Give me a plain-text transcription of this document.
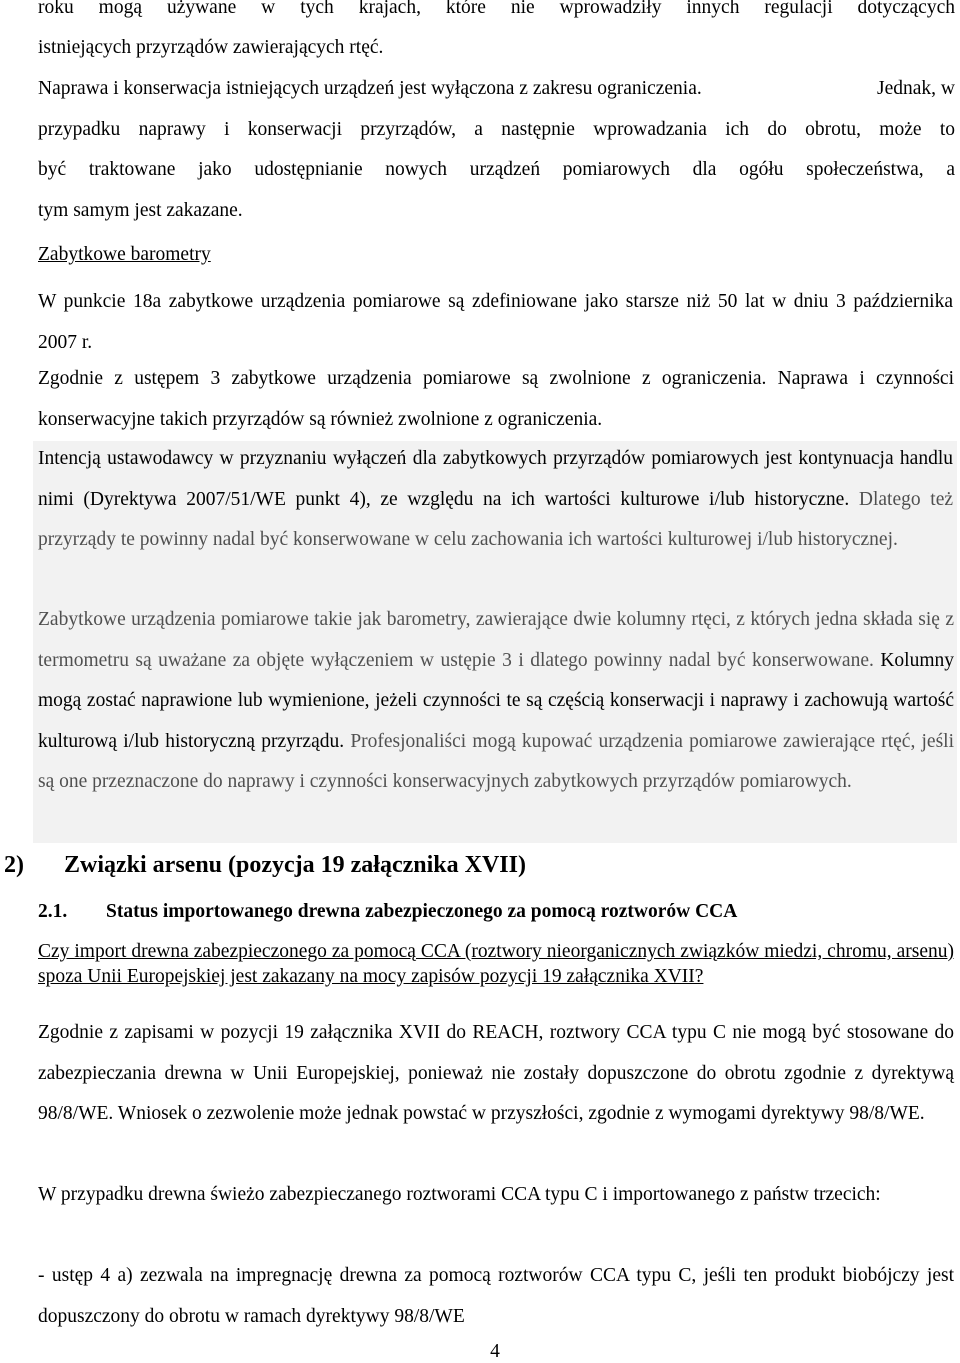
roku mogą używane w tych krajach, które nie wprowadziły innych regulacji dotyczących
istniejących przyrządów zawierających rtęć.
Naprawa i konserwacja istniejących urządzeń jest wyłączona z zakresu ograniczenia.	Jednak, w
przypadku naprawy i konserwacji przyrządów, a następnie wprowadzania ich do obrotu, może to
być traktowane jako udostępnianie nowych urządzeń pomiarowych dla ogółu społeczeństwa, a
tym samym jest zakazane.
Zabytkowe barometry
W punkcie 18a zabytkowe urządzenia pomiarowe są zdefiniowane jako starsze niż 50 lat w dniu 3 października 2007 r.
Zgodnie z ustępem 3 zabytkowe urządzenia pomiarowe są zwolnione z ograniczenia. Naprawa i czynności konserwacyjne takich przyrządów są również zwolnione z ograniczenia.
Intencją ustawodawcy w przyznaniu wyłączeń dla zabytkowych przyrządów pomiarowych jest kontynuacja handlu nimi (Dyrektywa 2007/51/WE punkt 4), ze względu na ich wartości kulturowe i/lub historyczne. Dlatego też przyrządy te powinny nadal być konserwowane w celu zachowania ich wartości kulturowej i/lub historycznej.
Zabytkowe urządzenia pomiarowe takie jak barometry, zawierające dwie kolumny rtęci, z których jedna składa się z termometru są uważane za objęte wyłączeniem w ustępie 3 i dlatego powinny nadal być konserwowane. Kolumny mogą zostać naprawione lub wymienione, jeżeli czynności te są częścią konserwacji i naprawy i zachowują wartość kulturową i/lub historyczną przyrządu. Profesjonaliści mogą kupować urządzenia pomiarowe zawierające rtęć, jeśli są one przeznaczone do naprawy i czynności konserwacyjnych zabytkowych przyrządów pomiarowych.
2) Związki arsenu (pozycja 19 załącznika XVII)
2.1. Status importowanego drewna zabezpieczonego za pomocą roztworów CCA
Czy import drewna zabezpieczonego za pomocą CCA (roztwory nieorganicznych związków miedzi, chromu, arsenu) spoza Unii Europejskiej jest zakazany na mocy zapisów pozycji 19 załącznika XVII?
Zgodnie z zapisami w pozycji 19 załącznika XVII do REACH, roztwory CCA typu C nie mogą być stosowane do zabezpieczania drewna w Unii Europejskiej, ponieważ nie zostały dopuszczone do obrotu zgodnie z dyrektywą 98/8/WE. Wniosek o zezwolenie może jednak powstać w przyszłości, zgodnie z wymogami dyrektywy 98/8/WE.
W przypadku drewna świeżo zabezpieczanego roztworami CCA typu C i importowanego z państw trzecich:
- ustęp 4 a) zezwala na impregnację drewna za pomocą roztworów CCA typu C, jeśli ten produkt biobójczy jest dopuszczony do obrotu w ramach dyrektywy 98/8/WE
4
